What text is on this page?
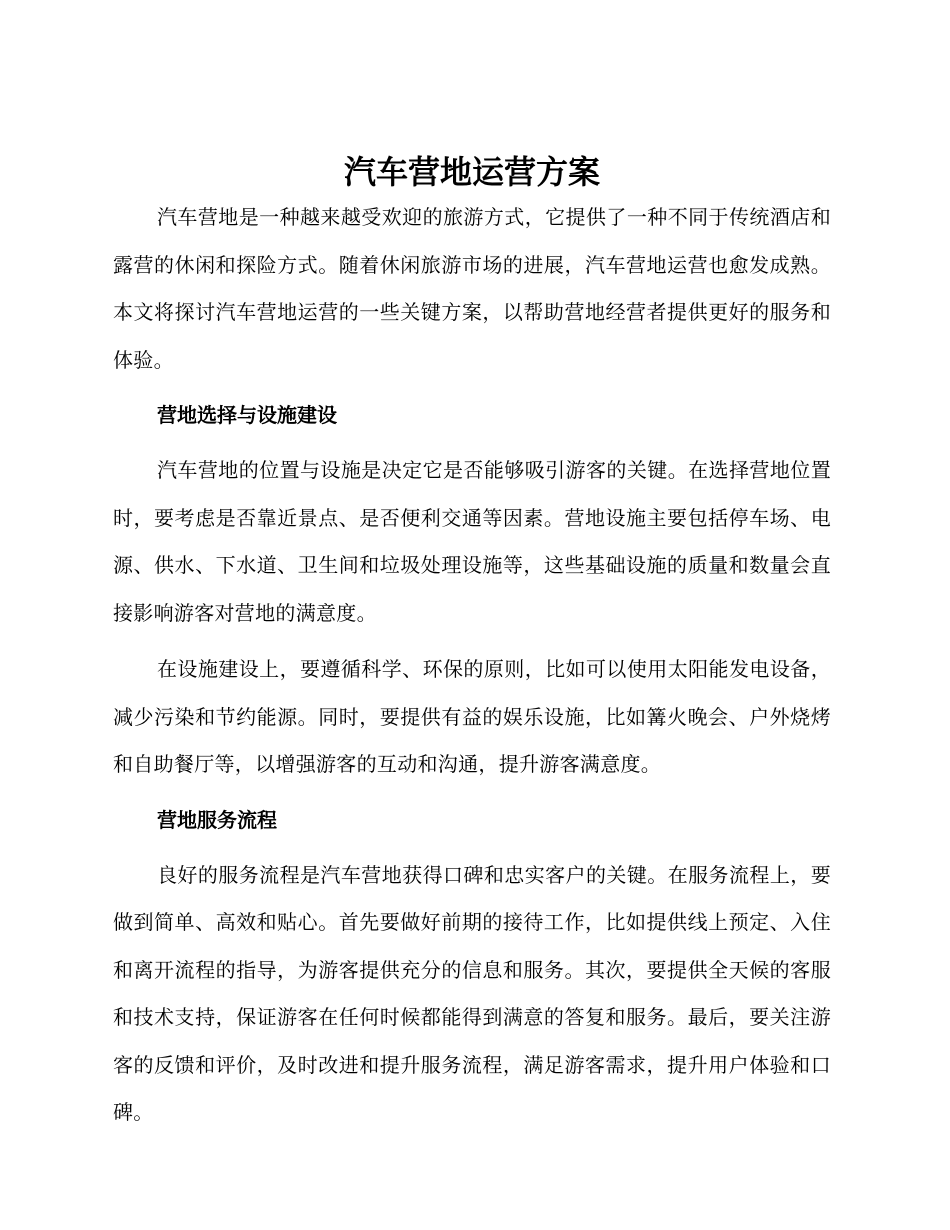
汽车营地运营方案

汽车营地是一种越来越受欢迎的旅游方式，它提供了一种不同于传统酒店和露营的休闲和探险方式。随着休闲旅游市场的进展，汽车营地运营也愈发成熟。本文将探讨汽车营地运营的一些关键方案，以帮助营地经营者提供更好的服务和体验。

营地选择与设施建设

汽车营地的位置与设施是决定它是否能够吸引游客的关键。在选择营地位置时，要考虑是否靠近景点、是否便利交通等因素。营地设施主要包括停车场、电源、供水、下水道、卫生间和垃圾处理设施等，这些基础设施的质量和数量会直接影响游客对营地的满意度。

在设施建设上，要遵循科学、环保的原则，比如可以使用太阳能发电设备，减少污染和节约能源。同时，要提供有益的娱乐设施，比如篝火晚会、户外烧烤和自助餐厅等，以增强游客的互动和沟通，提升游客满意度。

营地服务流程

良好的服务流程是汽车营地获得口碑和忠实客户的关键。在服务流程上，要做到简单、高效和贴心。首先要做好前期的接待工作，比如提供线上预定、入住和离开流程的指导，为游客提供充分的信息和服务。其次，要提供全天候的客服和技术支持，保证游客在任何时候都能得到满意的答复和服务。最后，要关注游客的反馈和评价，及时改进和提升服务流程，满足游客需求，提升用户体验和口碑。
